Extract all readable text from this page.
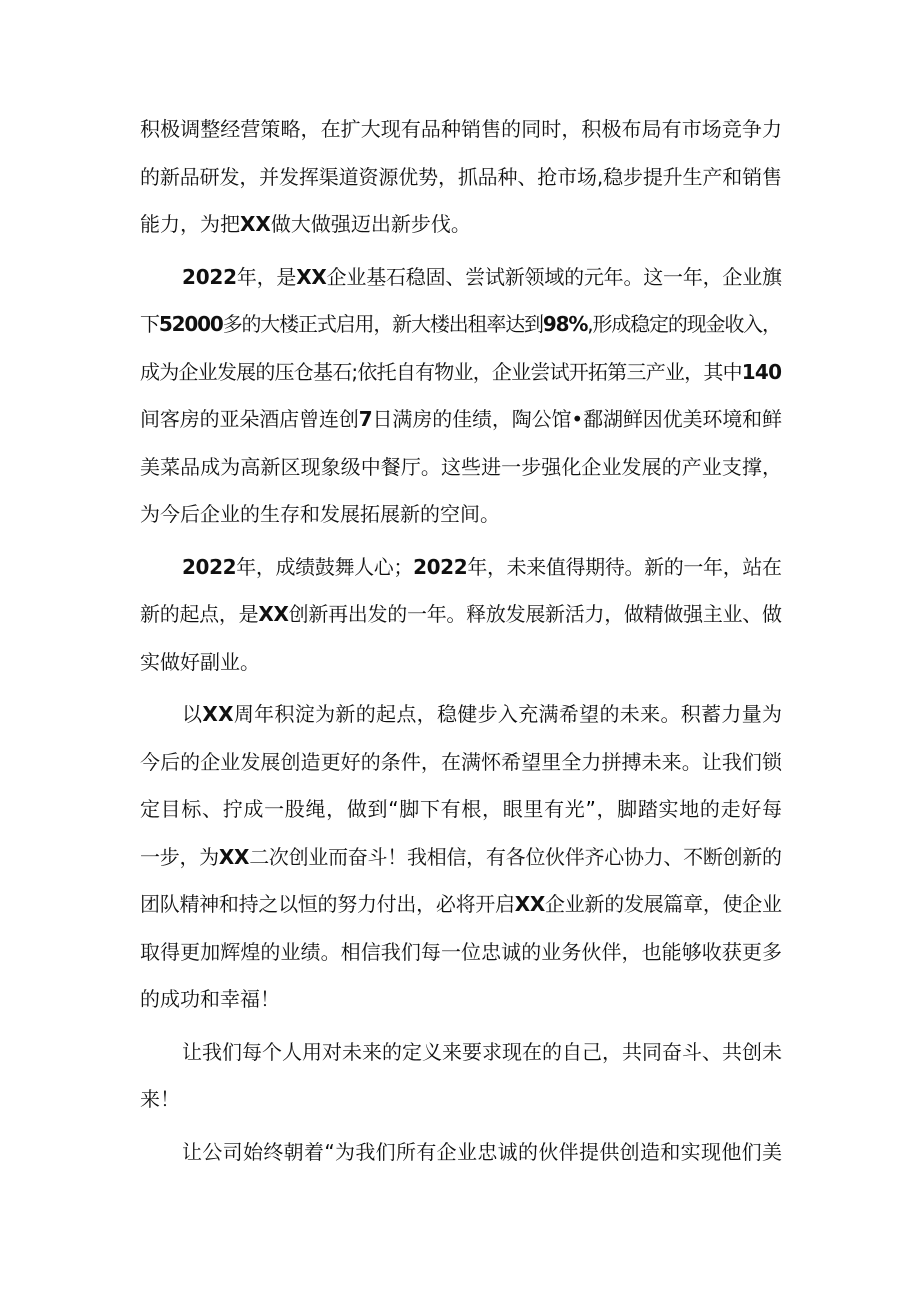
积极调整经营策略，在扩大现有品种销售的同时，积极布局有市场竞争力
的新品研发，并发挥渠道资源优势，抓品种、抢市场,稳步提升生产和销售
能力，为把XX做大做强迈出新步伐。
2022年，是XX企业基石稳固、尝试新领域的元年。这一年，企业旗
下52000多的大楼正式启用，新大楼出租率达到98%,形成稳定的现金收入，
成为企业发展的压仓基石;依托自有物业，企业尝试开拓第三产业，其中140
间客房的亚朵酒店曾连创7日满房的佳绩，陶公馆•鄱湖鲜因优美环境和鲜
美菜品成为高新区现象级中餐厅。这些进一步强化企业发展的产业支撑，
为今后企业的生存和发展拓展新的空间。
2022年，成绩鼓舞人心；2022年，未来值得期待。新的一年，站在
新的起点，是XX创新再出发的一年。释放发展新活力，做精做强主业、做
实做好副业。
以XX周年积淀为新的起点，稳健步入充满希望的未来。积蓄力量为
今后的企业发展创造更好的条件，在满怀希望里全力拼搏未来。让我们锁
定目标、拧成一股绳，做到“脚下有根，眼里有光”，脚踏实地的走好每
一步，为XX二次创业而奋斗！我相信，有各位伙伴齐心协力、不断创新的
团队精神和持之以恒的努力付出，必将开启XX企业新的发展篇章，使企业
取得更加辉煌的业绩。相信我们每一位忠诚的业务伙伴，也能够收获更多
的成功和幸福！
让我们每个人用对未来的定义来要求现在的自己，共同奋斗、共创未
来！
让公司始终朝着“为我们所有企业忠诚的伙伴提供创造和实现他们美
